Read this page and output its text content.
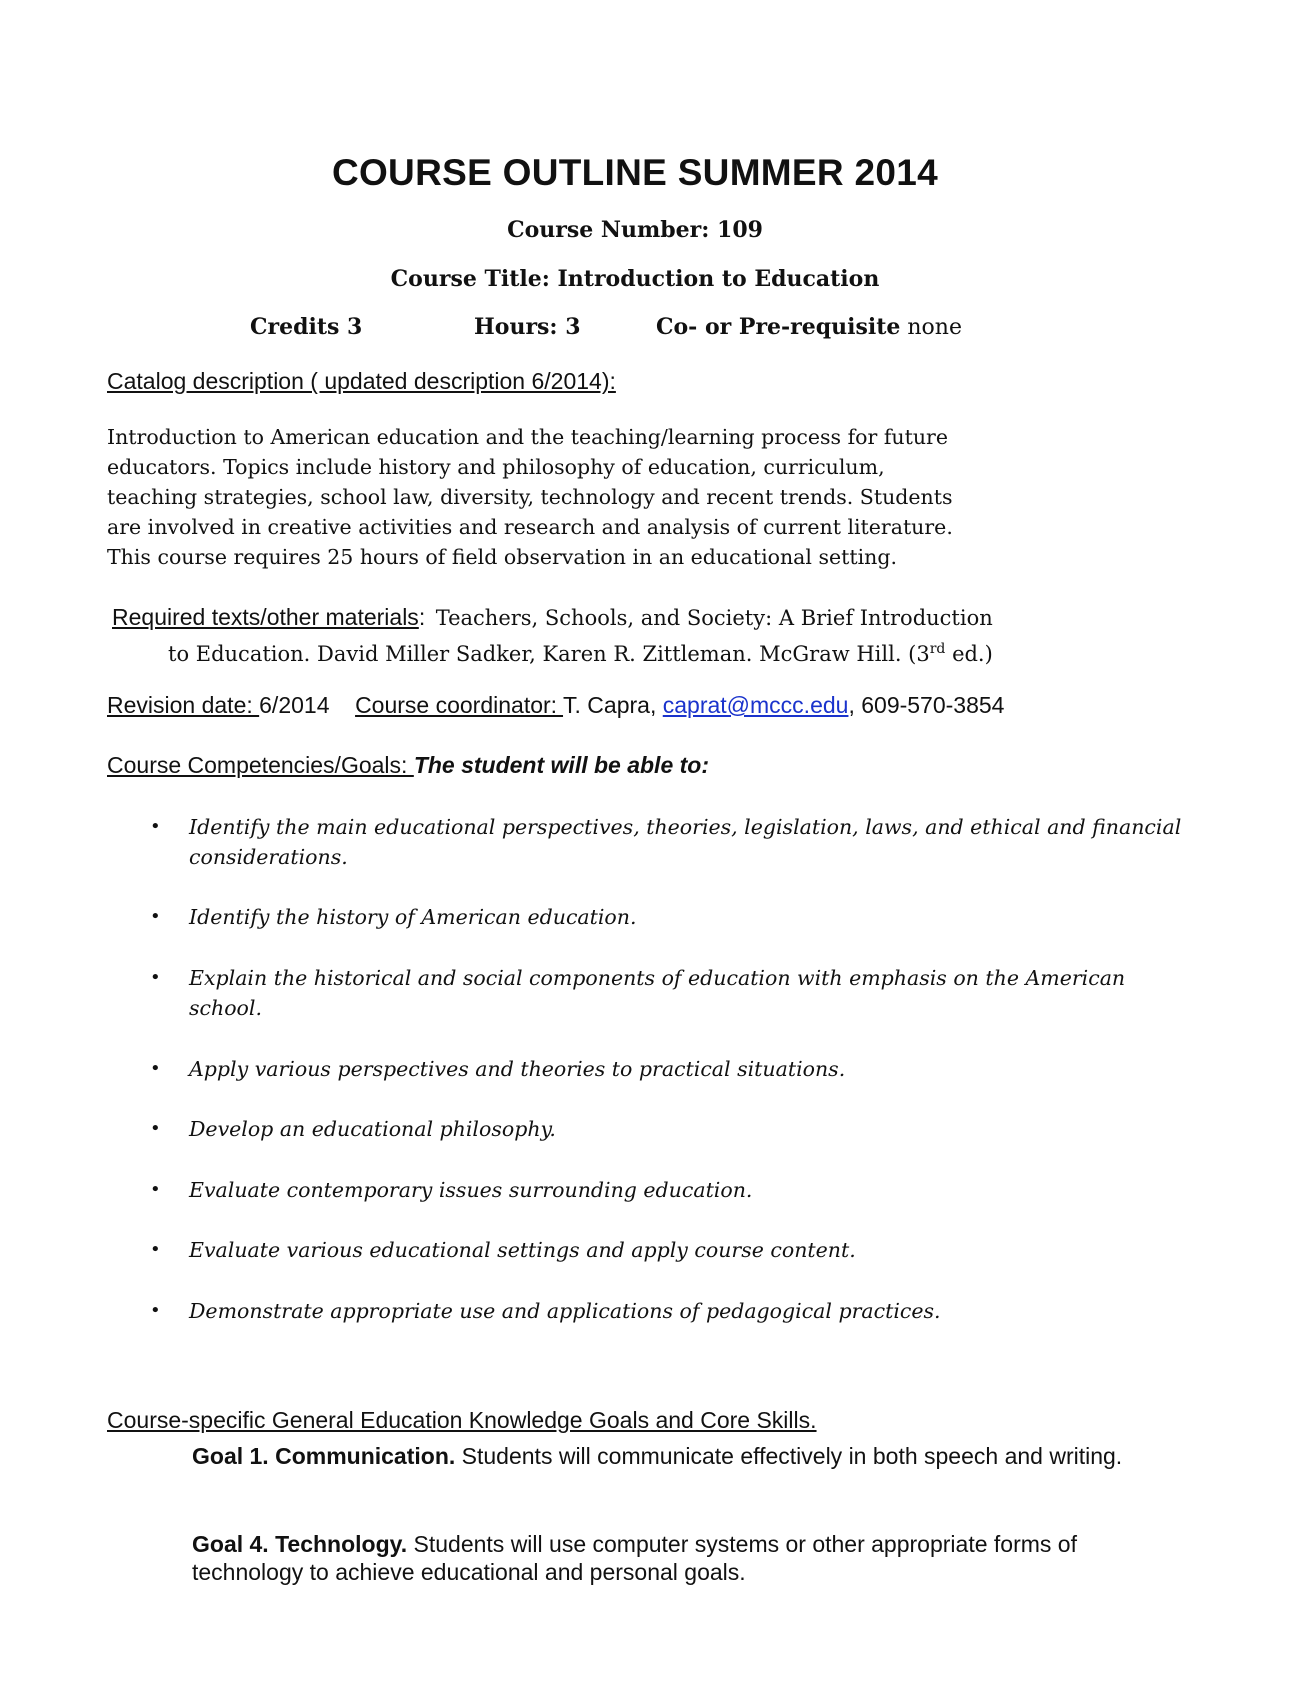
COURSE OUTLINE SUMMER 2014
Course Number: 109
Course Title: Introduction to Education
Credits 3	Hours: 3	Co- or Pre-requisite none
Catalog description ( updated description 6/2014):

Introduction to American education and the teaching/learning process for future
educators. Topics include history and philosophy of education, curriculum,
teaching strategies, school law, diversity, technology and recent trends. Students
are involved in creative activities and research and analysis of current literature.
This course requires 25 hours of field observation in an educational setting.

Required texts/other materials: Teachers, Schools, and Society: A Brief Introduction
to Education. David Miller Sadker, Karen R. Zittleman. McGraw Hill. (3rd ed.)
Revision date: 6/2014 Course coordinator: T. Capra, caprat@mccc.edu, 609-570-3854
Course Competencies/Goals: The student will be able to:
• Identify the main educational perspectives, theories, legislation, laws, and ethical and financial considerations.
• Identify the history of American education.
• Explain the historical and social components of education with emphasis on the American school.
• Apply various perspectives and theories to practical situations.
• Develop an educational philosophy.
• Evaluate contemporary issues surrounding education.
• Evaluate various educational settings and apply course content.
• Demonstrate appropriate use and applications of pedagogical practices.
Course-specific General Education Knowledge Goals and Core Skills.
Goal 1. Communication. Students will communicate effectively in both speech and writing.
Goal 4. Technology. Students will use computer systems or other appropriate forms of technology to achieve educational and personal goals.
